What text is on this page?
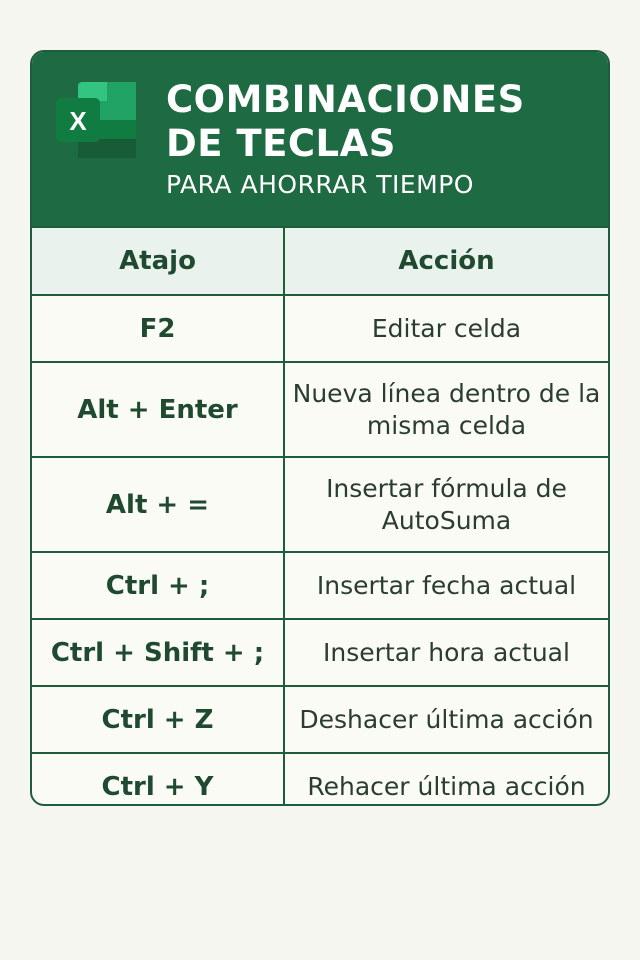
X COMBINACIONES
DE TECLAS
PARA AHORRAR TIEMPO
Atajo	Acción
F2	Editar celda
Alt + Enter	Nueva línea dentro de la misma celda
Alt + =	Insertar fórmula de AutoSuma
Ctrl + ;	Insertar fecha actual
Ctrl + Shift + ;	Insertar hora actual
Ctrl + Z	Deshacer última acción
Ctrl + Y	Rehacer última acción
